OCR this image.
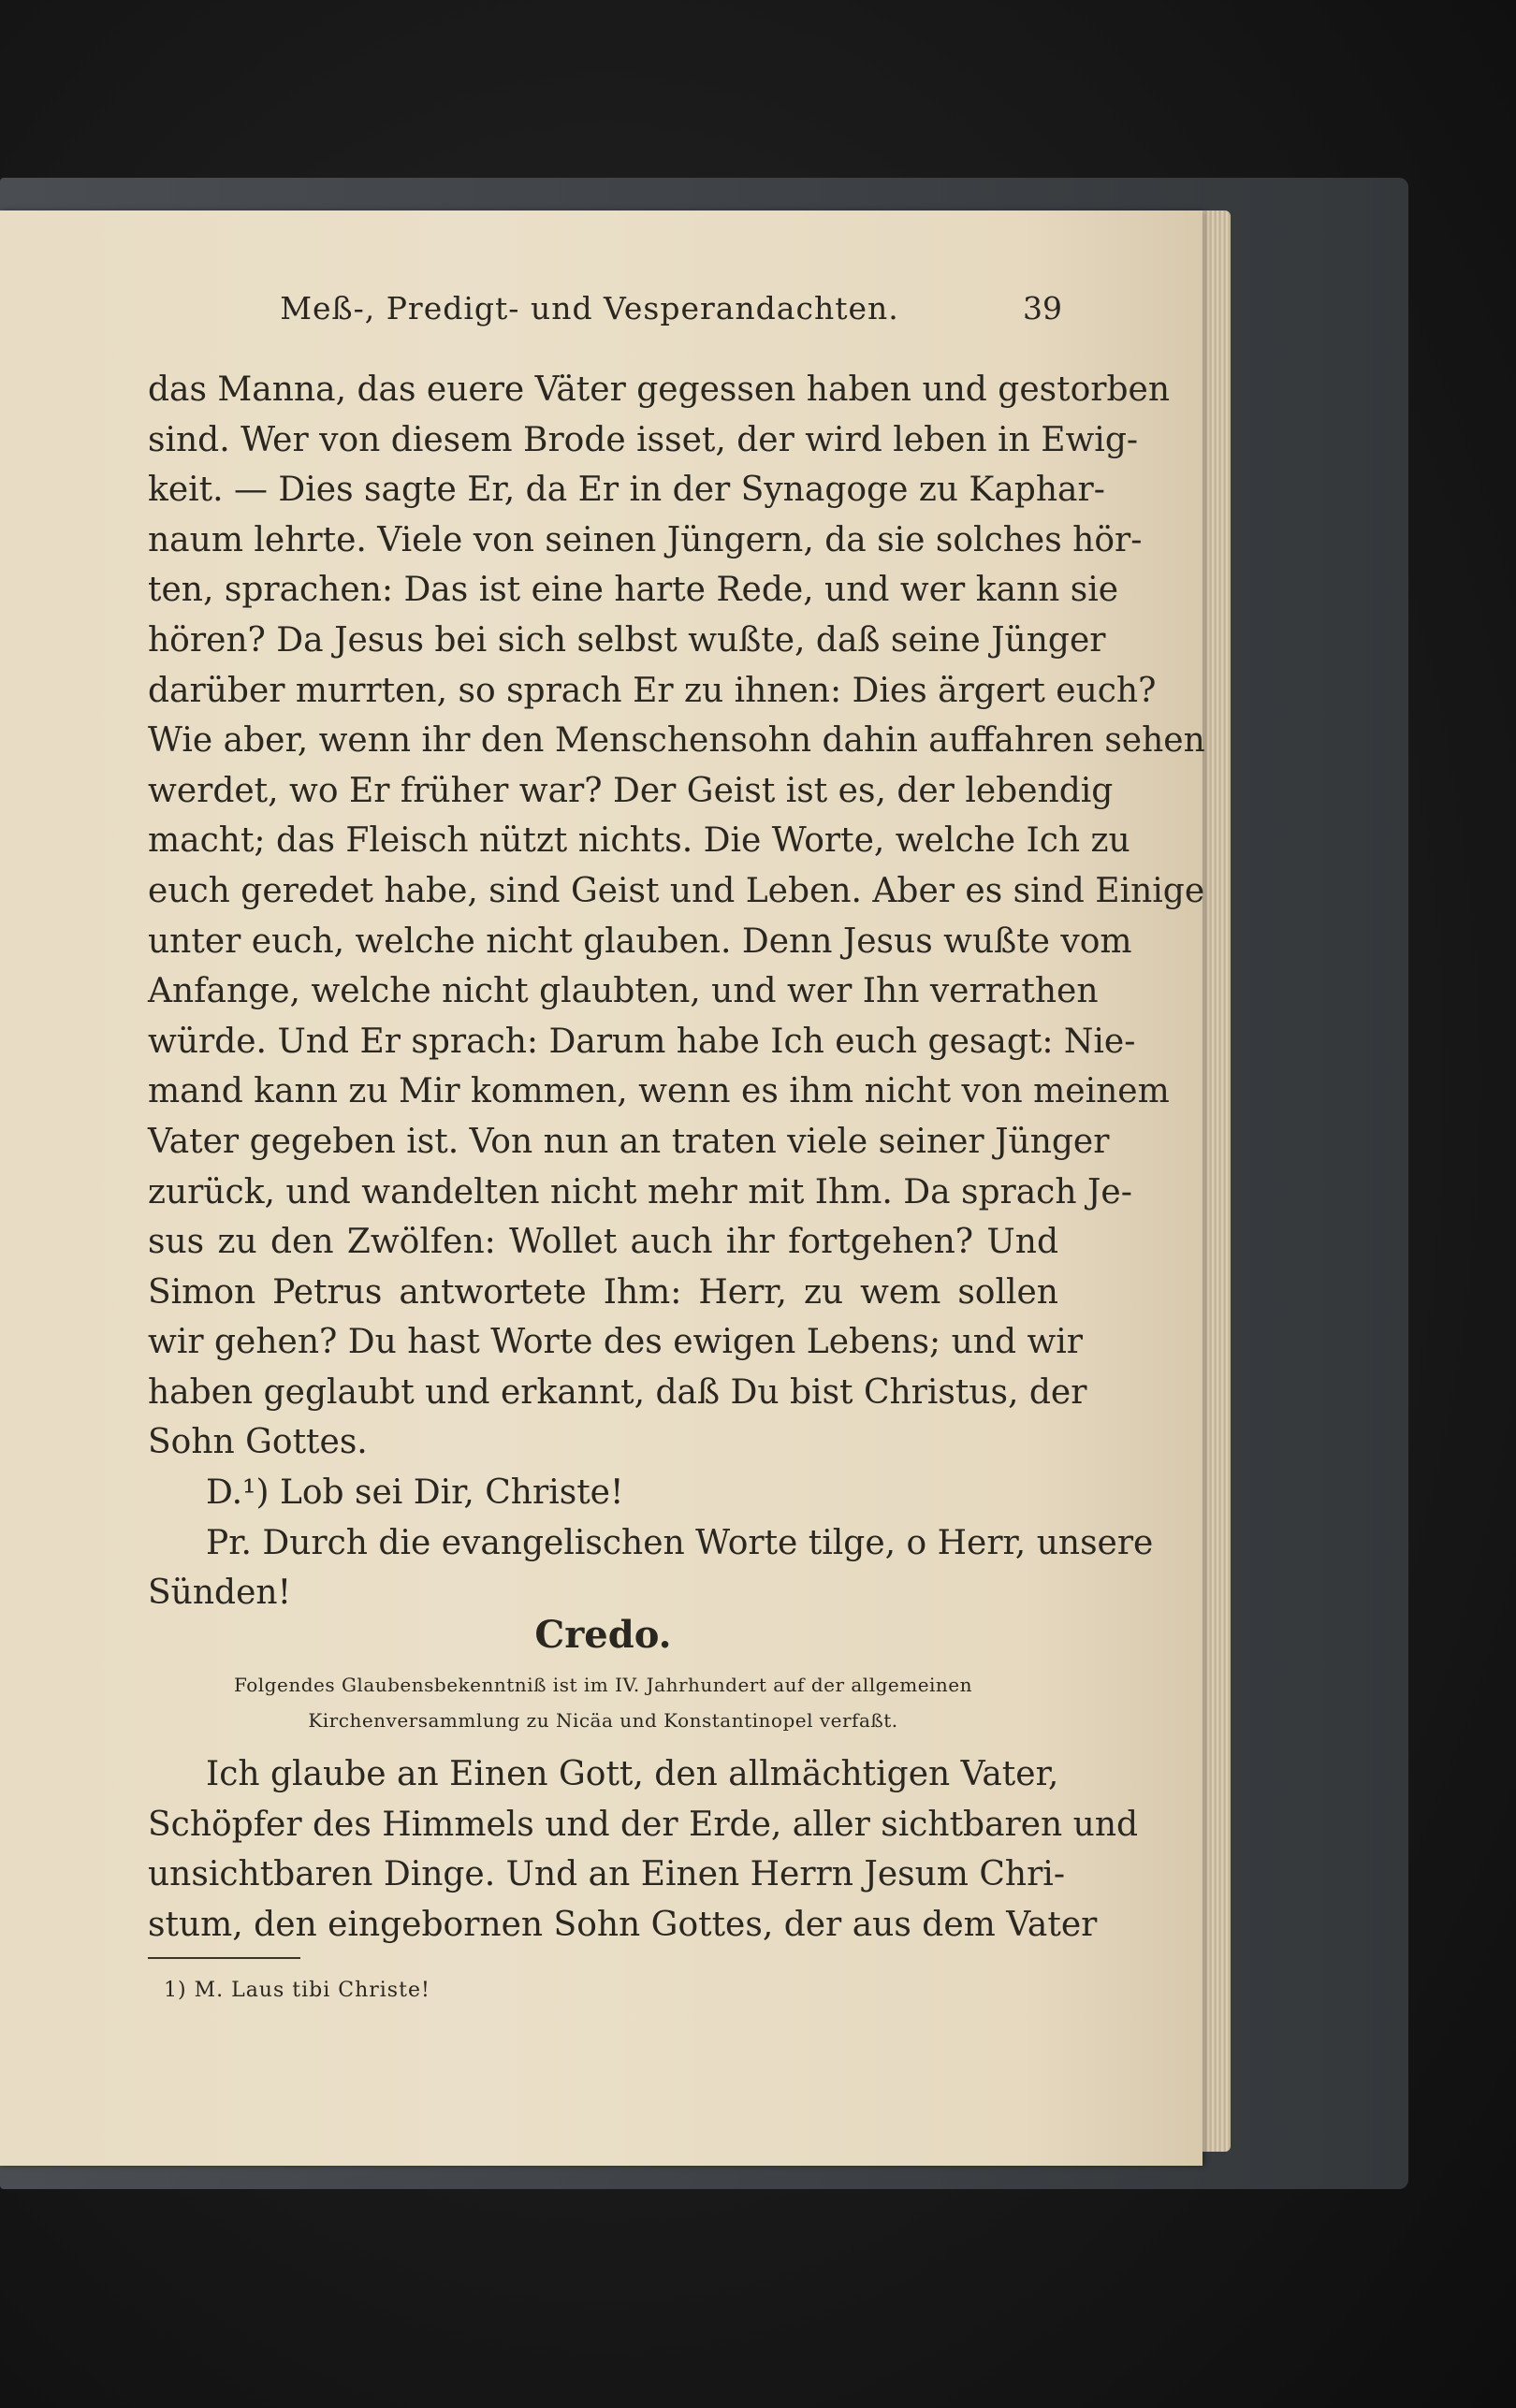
Meß-, Predigt- und Vesperandachten.	39
das Manna, das euere Väter gegessen haben und gestorben
sind. Wer von diesem Brode isset, der wird leben in Ewig-
keit. — Dies sagte Er, da Er in der Synagoge zu Kaphar-
naum lehrte. Viele von seinen Jüngern, da sie solches hör-
ten, sprachen: Das ist eine harte Rede, und wer kann sie
hören? Da Jesus bei sich selbst wußte, daß seine Jünger
darüber murrten, so sprach Er zu ihnen: Dies ärgert euch?
Wie aber, wenn ihr den Menschensohn dahin auffahren sehen
werdet, wo Er früher war? Der Geist ist es, der lebendig
macht; das Fleisch nützt nichts. Die Worte, welche Ich zu
euch geredet habe, sind Geist und Leben. Aber es sind Einige
unter euch, welche nicht glauben. Denn Jesus wußte vom
Anfange, welche nicht glaubten, und wer Ihn verrathen
würde. Und Er sprach: Darum habe Ich euch gesagt: Nie-
mand kann zu Mir kommen, wenn es ihm nicht von meinem
Vater gegeben ist. Von nun an traten viele seiner Jünger
zurück, und wandelten nicht mehr mit Ihm. Da sprach Je-
sus zu den Zwölfen: Wollet auch ihr fortgehen? Und
Simon Petrus antwortete Ihm: Herr, zu wem sollen
wir gehen? Du hast Worte des ewigen Lebens; und wir
haben geglaubt und erkannt, daß Du bist Christus, der
Sohn Gottes.
D.¹) Lob sei Dir, Christe!
Pr. Durch die evangelischen Worte tilge, o Herr, unsere
Sünden!
Credo.
Folgendes Glaubensbekenntniß ist im IV. Jahrhundert auf der allgemeinen
Kirchenversammlung zu Nicäa und Konstantinopel verfaßt.
Ich glaube an Einen Gott, den allmächtigen Vater,
Schöpfer des Himmels und der Erde, aller sichtbaren und
unsichtbaren Dinge. Und an Einen Herrn Jesum Chri-
stum, den eingebornen Sohn Gottes, der aus dem Vater
1) M. Laus tibi Christe!
